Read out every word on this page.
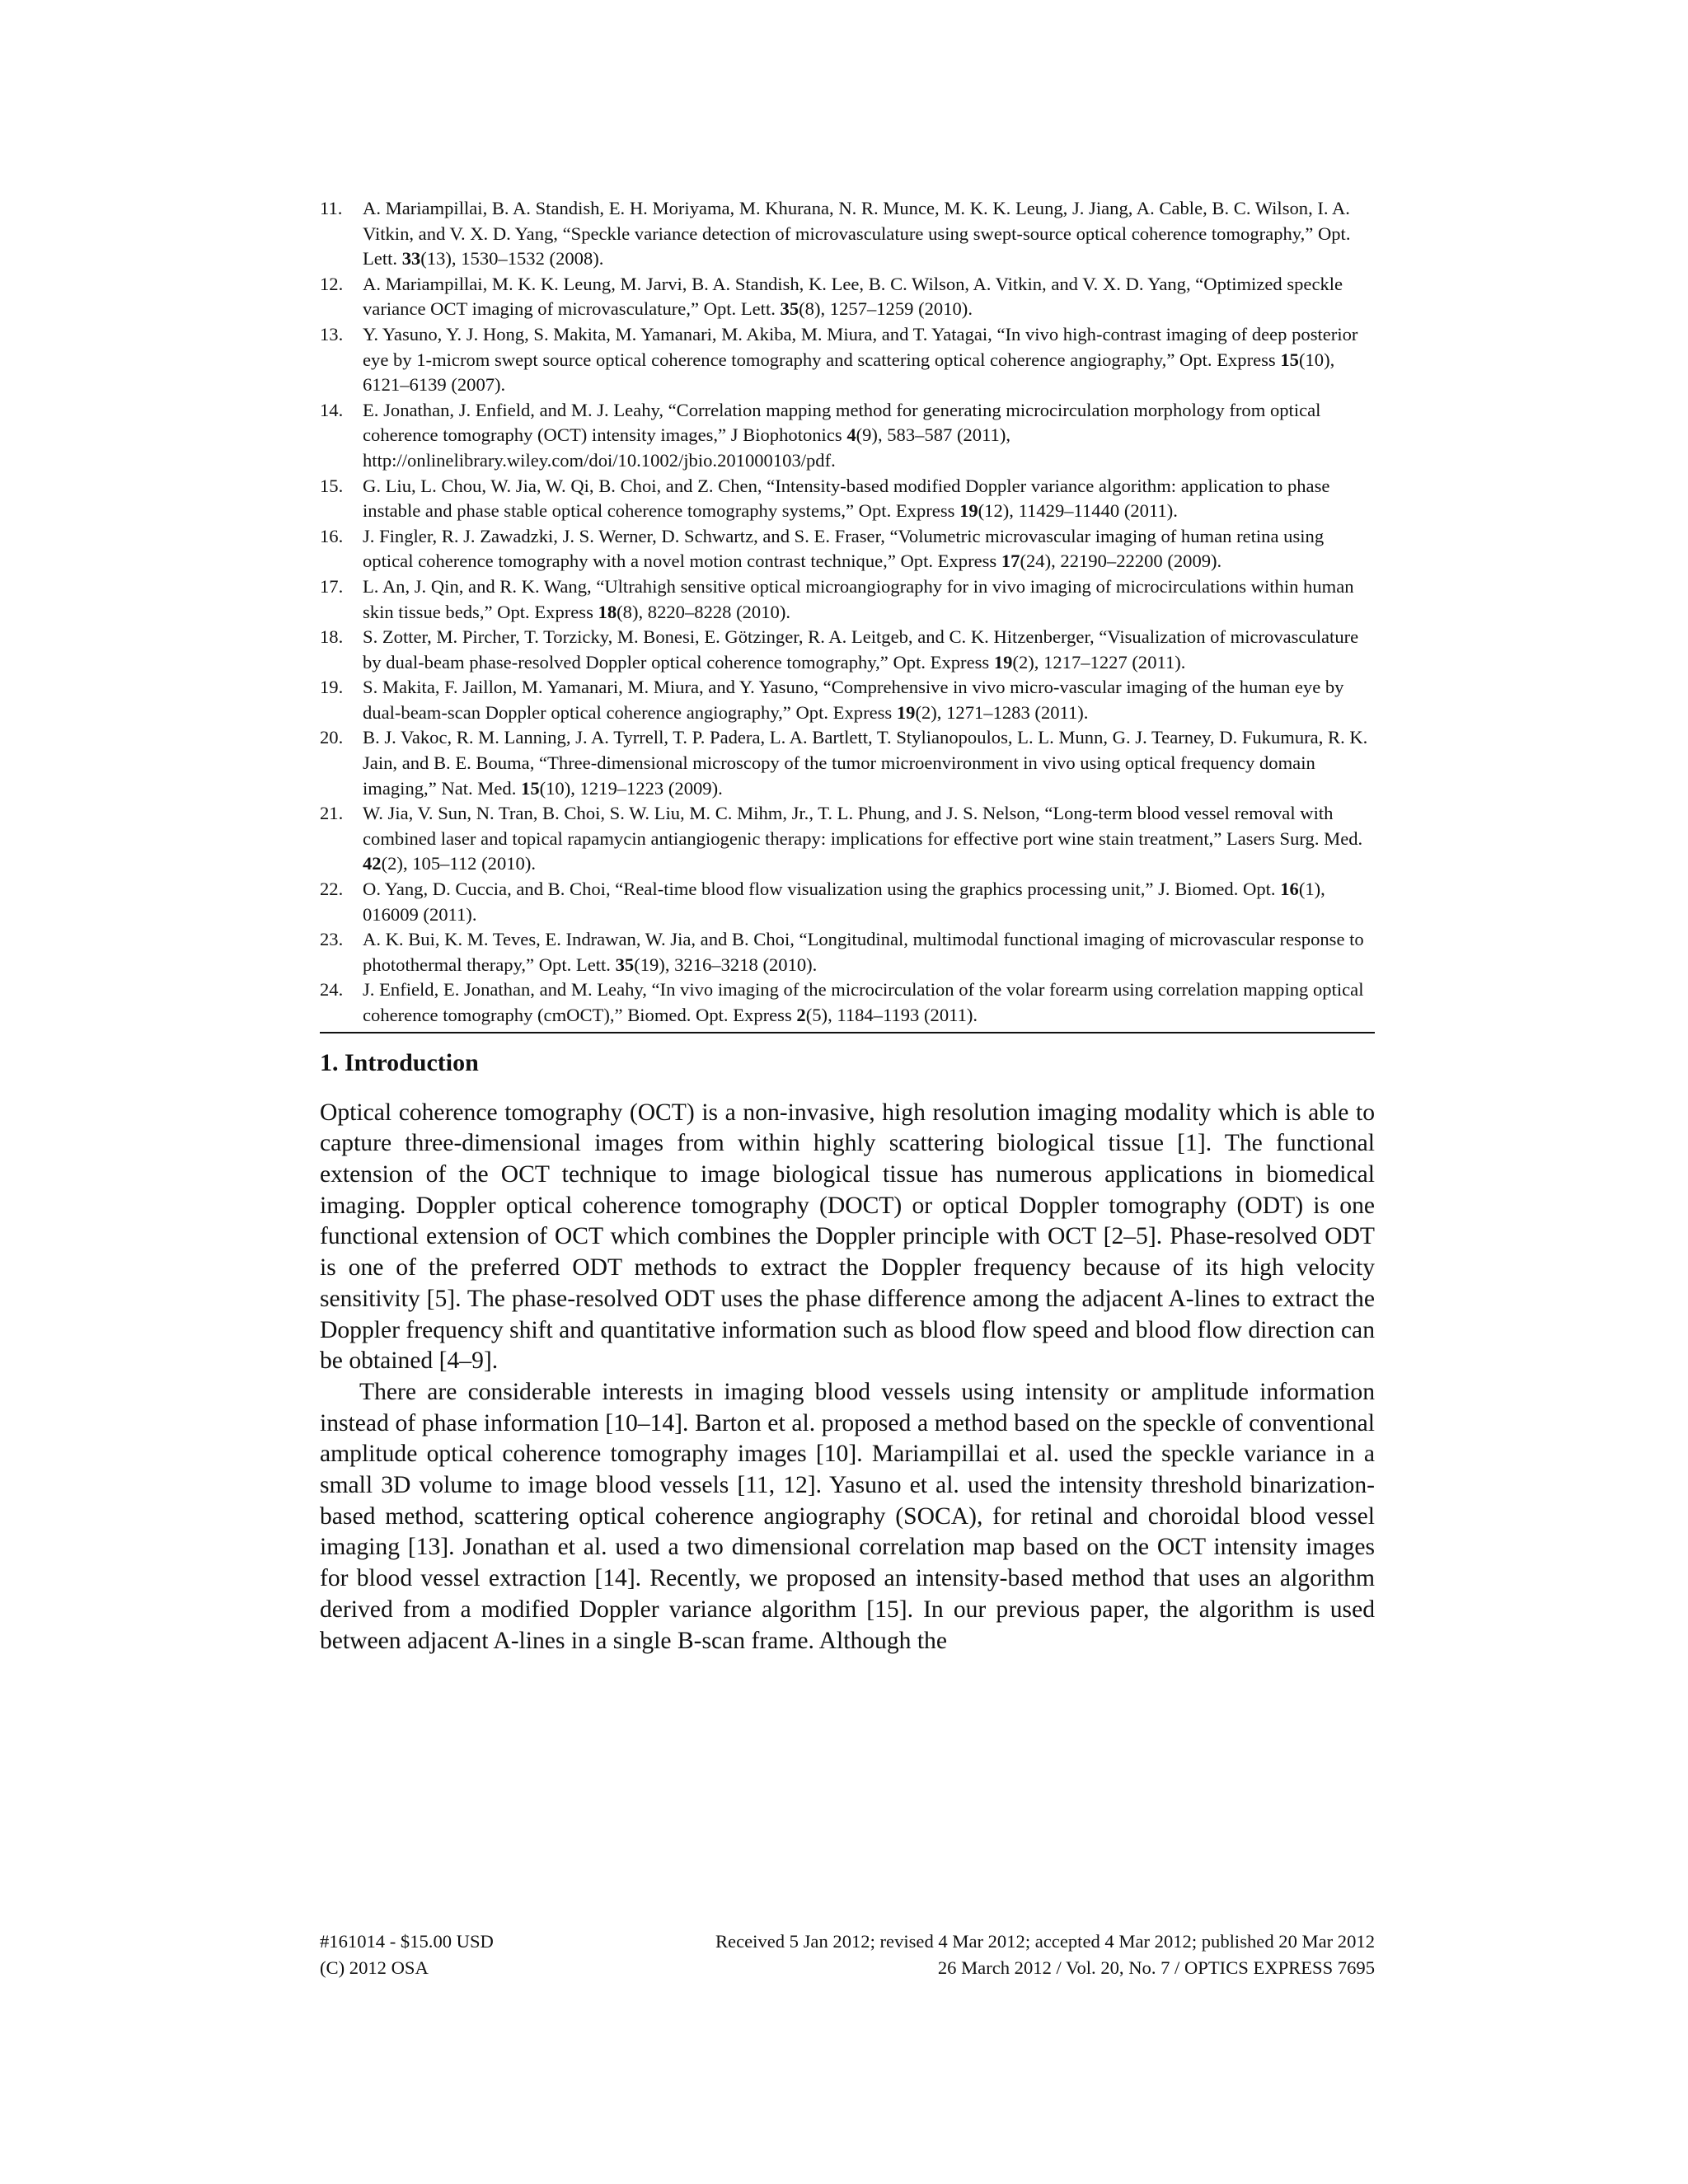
11. A. Mariampillai, B. A. Standish, E. H. Moriyama, M. Khurana, N. R. Munce, M. K. K. Leung, J. Jiang, A. Cable, B. C. Wilson, I. A. Vitkin, and V. X. D. Yang, “Speckle variance detection of microvasculature using swept-source optical coherence tomography,” Opt. Lett. 33(13), 1530–1532 (2008).
12. A. Mariampillai, M. K. K. Leung, M. Jarvi, B. A. Standish, K. Lee, B. C. Wilson, A. Vitkin, and V. X. D. Yang, “Optimized speckle variance OCT imaging of microvasculature,” Opt. Lett. 35(8), 1257–1259 (2010).
13. Y. Yasuno, Y. J. Hong, S. Makita, M. Yamanari, M. Akiba, M. Miura, and T. Yatagai, “In vivo high-contrast imaging of deep posterior eye by 1-microm swept source optical coherence tomography and scattering optical coherence angiography,” Opt. Express 15(10), 6121–6139 (2007).
14. E. Jonathan, J. Enfield, and M. J. Leahy, “Correlation mapping method for generating microcirculation morphology from optical coherence tomography (OCT) intensity images,” J Biophotonics 4(9), 583–587 (2011), http://onlinelibrary.wiley.com/doi/10.1002/jbio.201000103/pdf.
15. G. Liu, L. Chou, W. Jia, W. Qi, B. Choi, and Z. Chen, “Intensity-based modified Doppler variance algorithm: application to phase instable and phase stable optical coherence tomography systems,” Opt. Express 19(12), 11429–11440 (2011).
16. J. Fingler, R. J. Zawadzki, J. S. Werner, D. Schwartz, and S. E. Fraser, “Volumetric microvascular imaging of human retina using optical coherence tomography with a novel motion contrast technique,” Opt. Express 17(24), 22190–22200 (2009).
17. L. An, J. Qin, and R. K. Wang, “Ultrahigh sensitive optical microangiography for in vivo imaging of microcirculations within human skin tissue beds,” Opt. Express 18(8), 8220–8228 (2010).
18. S. Zotter, M. Pircher, T. Torzicky, M. Bonesi, E. Götzinger, R. A. Leitgeb, and C. K. Hitzenberger, “Visualization of microvasculature by dual-beam phase-resolved Doppler optical coherence tomography,” Opt. Express 19(2), 1217–1227 (2011).
19. S. Makita, F. Jaillon, M. Yamanari, M. Miura, and Y. Yasuno, “Comprehensive in vivo micro-vascular imaging of the human eye by dual-beam-scan Doppler optical coherence angiography,” Opt. Express 19(2), 1271–1283 (2011).
20. B. J. Vakoc, R. M. Lanning, J. A. Tyrrell, T. P. Padera, L. A. Bartlett, T. Stylianopoulos, L. L. Munn, G. J. Tearney, D. Fukumura, R. K. Jain, and B. E. Bouma, “Three-dimensional microscopy of the tumor microenvironment in vivo using optical frequency domain imaging,” Nat. Med. 15(10), 1219–1223 (2009).
21. W. Jia, V. Sun, N. Tran, B. Choi, S. W. Liu, M. C. Mihm, Jr., T. L. Phung, and J. S. Nelson, “Long-term blood vessel removal with combined laser and topical rapamycin antiangiogenic therapy: implications for effective port wine stain treatment,” Lasers Surg. Med. 42(2), 105–112 (2010).
22. O. Yang, D. Cuccia, and B. Choi, “Real-time blood flow visualization using the graphics processing unit,” J. Biomed. Opt. 16(1), 016009 (2011).
23. A. K. Bui, K. M. Teves, E. Indrawan, W. Jia, and B. Choi, “Longitudinal, multimodal functional imaging of microvascular response to photothermal therapy,” Opt. Lett. 35(19), 3216–3218 (2010).
24. J. Enfield, E. Jonathan, and M. Leahy, “In vivo imaging of the microcirculation of the volar forearm using correlation mapping optical coherence tomography (cmOCT),” Biomed. Opt. Express 2(5), 1184–1193 (2011).
1. Introduction

Optical coherence tomography (OCT) is a non-invasive, high resolution imaging modality which is able to capture three-dimensional images from within highly scattering biological tissue [1]. The functional extension of the OCT technique to image biological tissue has numerous applications in biomedical imaging. Doppler optical coherence tomography (DOCT) or optical Doppler tomography (ODT) is one functional extension of OCT which combines the Doppler principle with OCT [2–5]. Phase-resolved ODT is one of the preferred ODT methods to extract the Doppler frequency because of its high velocity sensitivity [5]. The phase-resolved ODT uses the phase difference among the adjacent A-lines to extract the Doppler frequency shift and quantitative information such as blood flow speed and blood flow direction can be obtained [4–9].

There are considerable interests in imaging blood vessels using intensity or amplitude information instead of phase information [10–14]. Barton et al. proposed a method based on the speckle of conventional amplitude optical coherence tomography images [10]. Mariampillai et al. used the speckle variance in a small 3D volume to image blood vessels [11, 12]. Yasuno et al. used the intensity threshold binarization-based method, scattering optical coherence angiography (SOCA), for retinal and choroidal blood vessel imaging [13]. Jonathan et al. used a two dimensional correlation map based on the OCT intensity images for blood vessel extraction [14]. Recently, we proposed an intensity-based method that uses an algorithm derived from a modified Doppler variance algorithm [15]. In our previous paper, the algorithm is used between adjacent A-lines in a single B-scan frame. Although the

#161014 - $15.00 USD	Received 5 Jan 2012; revised 4 Mar 2012; accepted 4 Mar 2012; published 20 Mar 2012
(C) 2012 OSA	26 March 2012 / Vol. 20, No. 7 / OPTICS EXPRESS 7695
